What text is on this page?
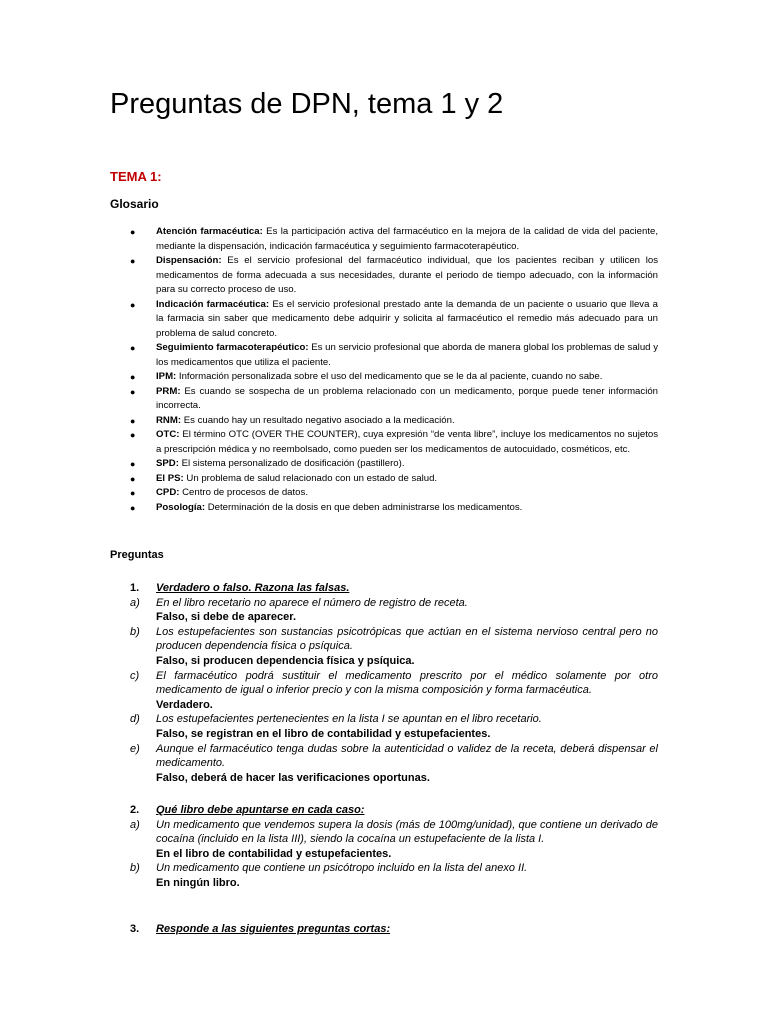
Preguntas de DPN, tema 1 y 2
TEMA 1:
Glosario
● Atención farmacéutica: Es la participación activa del farmacéutico en la mejora de la calidad de vida del paciente, mediante la dispensación, indicación farmacéutica y seguimiento farmacoterapéutico.
● Dispensación: Es el servicio profesional del farmacéutico individual, que los pacientes reciban y utilicen los medicamentos de forma adecuada a sus necesidades, durante el periodo de tiempo adecuado, con la información para su correcto proceso de uso.
● Indicación farmacéutica: Es el servicio profesional prestado ante la demanda de un paciente o usuario que lleva a la farmacia sin saber que medicamento debe adquirir y solicita al farmacéutico el remedio más adecuado para un problema de salud concreto.
● Seguimiento farmacoterapéutico: Es un servicio profesional que aborda de manera global los problemas de salud y los medicamentos que utiliza el paciente.
● IPM: Información personalizada sobre el uso del medicamento que se le da al paciente, cuando no sabe.
● PRM: Es cuando se sospecha de un problema relacionado con un medicamento, porque puede tener información incorrecta.
● RNM: Es cuando hay un resultado negativo asociado a la medicación.
● OTC: El término OTC (OVER THE COUNTER), cuya expresión “de venta libre”, incluye los medicamentos no sujetos a prescripción médica y no reembolsado, como pueden ser los medicamentos de autocuidado, cosméticos, etc.
● SPD: El sistema personalizado de dosificación (pastillero).
● El PS: Un problema de salud relacionado con un estado de salud.
● CPD: Centro de procesos de datos.
● Posología: Determinación de la dosis en que deben administrarse los medicamentos.
Preguntas
1. Verdadero o falso. Razona las falsas.
a) En el libro recetario no aparece el número de registro de receta.
Falso, si debe de aparecer.
b) Los estupefacientes son sustancias psicotrópicas que actúan en el sistema nervioso central pero no producen dependencia física o psíquica.
Falso, si producen dependencia física y psíquica.
c) El farmacéutico podrá sustituir el medicamento prescrito por el médico solamente por otro medicamento de igual o inferior precio y con la misma composición y forma farmacéutica.
Verdadero.
d) Los estupefacientes pertenecientes en la lista I se apuntan en el libro recetario.
Falso, se registran en el libro de contabilidad y estupefacientes.
e) Aunque el farmacéutico tenga dudas sobre la autenticidad o validez de la receta, deberá dispensar el medicamento.
Falso, deberá de hacer las verificaciones oportunas.
2. Qué libro debe apuntarse en cada caso:
a) Un medicamento que vendemos supera la dosis (más de 100mg/unidad), que contiene un derivado de cocaína (incluido en la lista III), siendo la cocaína un estupefaciente de la lista I.
En el libro de contabilidad y estupefacientes.
b) Un medicamento que contiene un psicótropo incluido en la lista del anexo II.
En ningún libro.
3. Responde a las siguientes preguntas cortas:
